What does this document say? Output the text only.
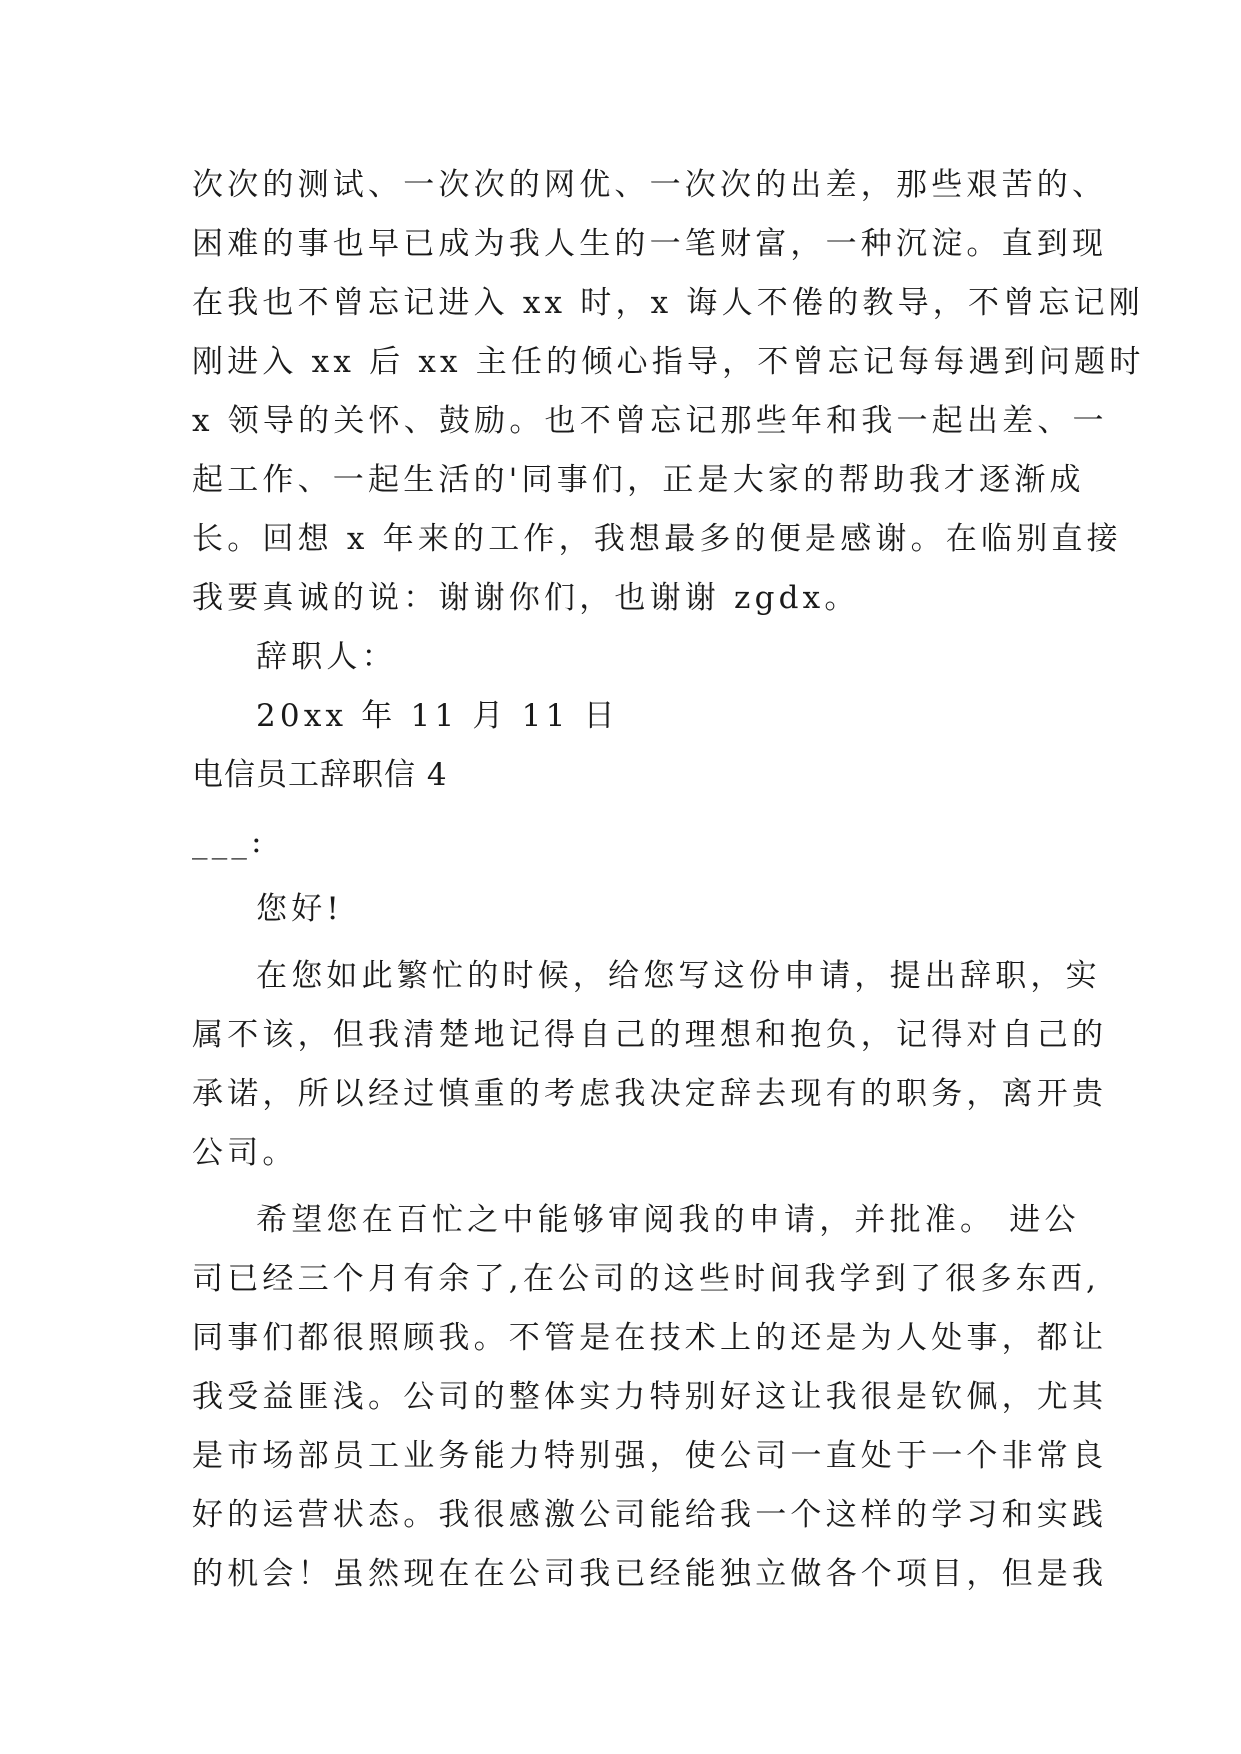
次次的测试、一次次的网优、一次次的出差，那些艰苦的、
困难的事也早已成为我人生的一笔财富，一种沉淀。直到现
在我也不曾忘记进入 xx 时，x 诲人不倦的教导，不曾忘记刚
刚进入 xx 后 xx 主任的倾心指导，不曾忘记每每遇到问题时
x 领导的关怀、鼓励。也不曾忘记那些年和我一起出差、一
起工作、一起生活的'同事们，正是大家的帮助我才逐渐成
长。回想 x 年来的工作，我想最多的便是感谢。在临别直接
我要真诚的说：谢谢你们，也谢谢 zgdx。
辞职人：
20xx 年 11 月 11 日
电信员工辞职信 4
___:
您好!
在您如此繁忙的时候，给您写这份申请，提出辞职，实
属不该，但我清楚地记得自己的理想和抱负，记得对自己的
承诺，所以经过慎重的考虑我决定辞去现有的职务，离开贵
公司。
希望您在百忙之中能够审阅我的申请，并批准。 进公
司已经三个月有余了,在公司的这些时间我学到了很多东西,
同事们都很照顾我。不管是在技术上的还是为人处事，都让
我受益匪浅。公司的整体实力特别好这让我很是钦佩，尤其
是市场部员工业务能力特别强，使公司一直处于一个非常良
好的运营状态。我很感激公司能给我一个这样的学习和实践
的机会！虽然现在在公司我已经能独立做各个项目，但是我
